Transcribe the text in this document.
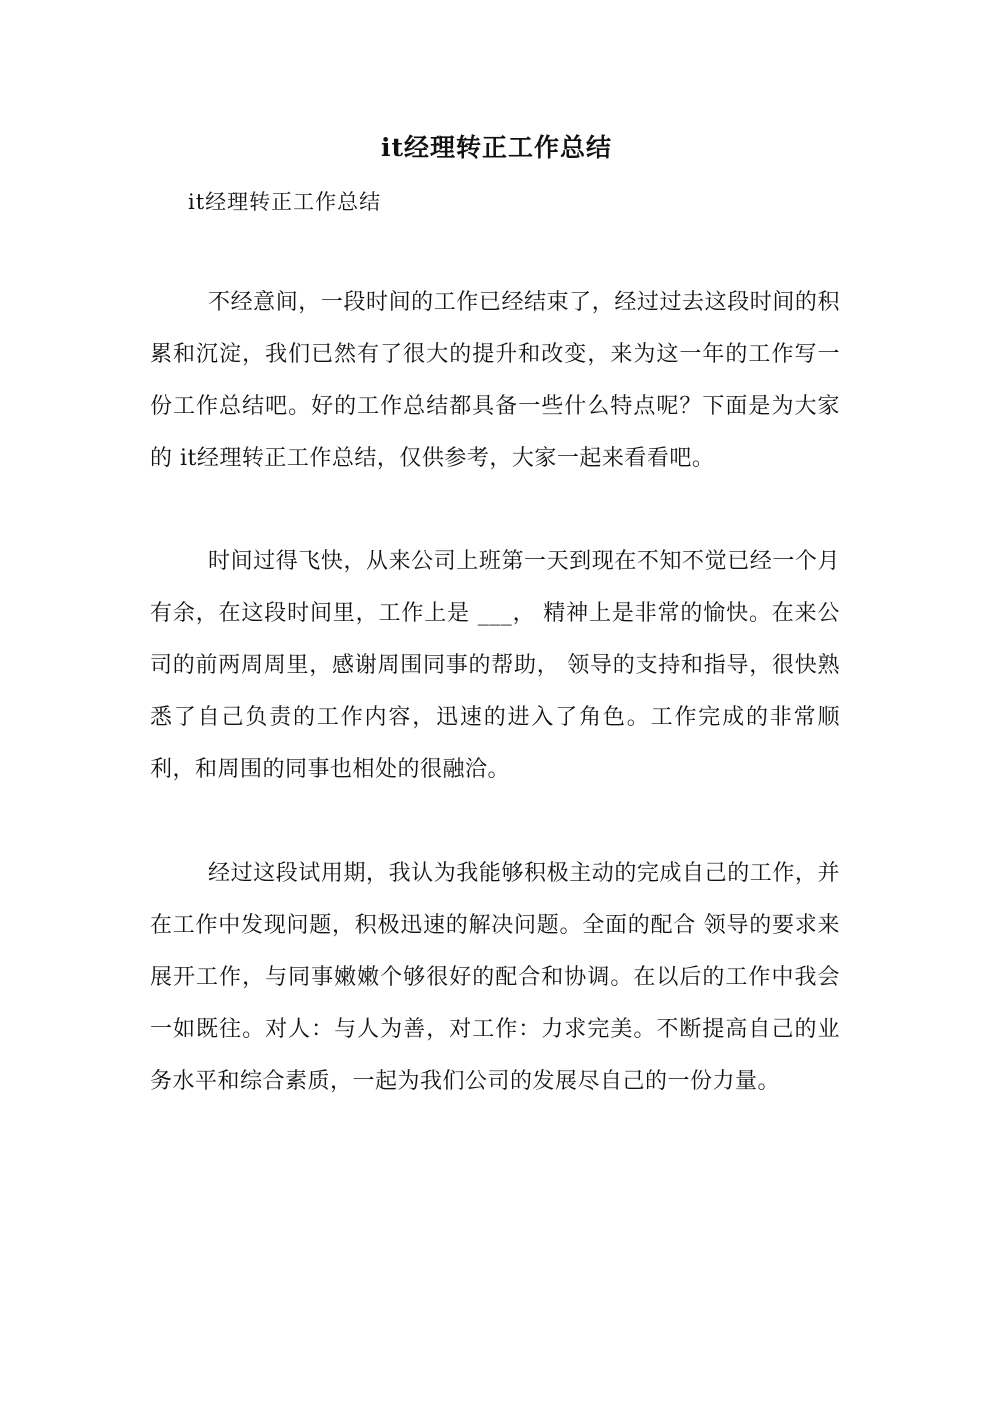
it经理转正工作总结

it经理转正工作总结

不经意间，一段时间的工作已经结束了，经过过去这段时间的积累和沉淀，我们已然有了很大的提升和改变，来为这一年的工作写一份工作总结吧。好的工作总结都具备一些什么特点呢？下面是为大家的 it经理转正工作总结，仅供参考，大家一起来看看吧。

时间过得飞快，从来公司上班第一天到现在不知不觉已经一个月有余，在这段时间里，工作上是 ___， 精神上是非常的愉快。在来公司的前两周周里，感谢周围同事的帮助， 领导的支持和指导，很快熟悉了自己负责的工作内容，迅速的进入了角色。工作完成的非常顺利，和周围的同事也相处的很融洽。

经过这段试用期，我认为我能够积极主动的完成自己的工作，并在工作中发现问题，积极迅速的解决问题。全面的配合 领导的要求来展开工作，与同事嫩嫩个够很好的配合和协调。在以后的工作中我会一如既往。对人：与人为善，对工作：力求完美。不断提高自己的业务水平和综合素质，一起为我们公司的发展尽自己的一份力量。
